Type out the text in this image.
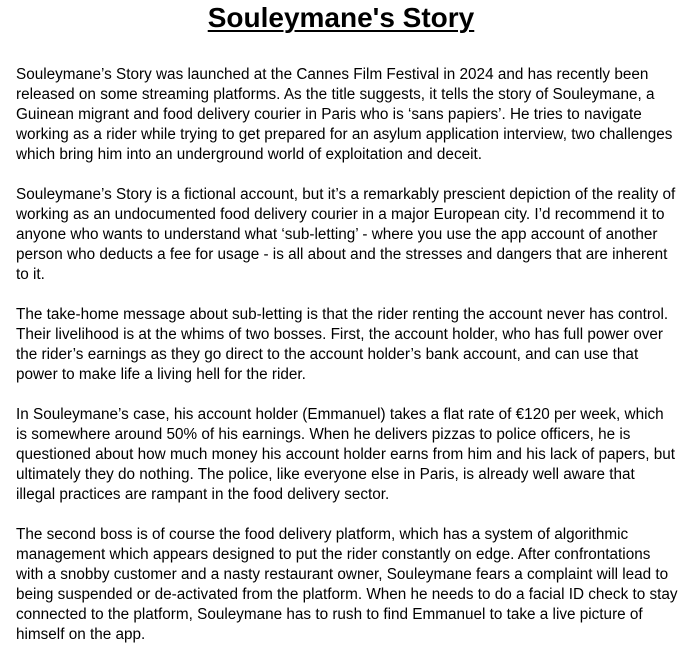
Souleymane's Story

Souleymane’s Story was launched at the Cannes Film Festival in 2024 and has recently been released on some streaming platforms. As the title suggests, it tells the story of Souleymane, a Guinean migrant and food delivery courier in Paris who is ‘sans papiers’. He tries to navigate working as a rider while trying to get prepared for an asylum application interview, two challenges which bring him into an underground world of exploitation and deceit.

Souleymane’s Story is a fictional account, but it’s a remarkably prescient depiction of the reality of working as an undocumented food delivery courier in a major European city. I’d recommend it to anyone who wants to understand what ‘sub-letting’ - where you use the app account of another person who deducts a fee for usage - is all about and the stresses and dangers that are inherent to it.

The take-home message about sub-letting is that the rider renting the account never has control. Their livelihood is at the whims of two bosses. First, the account holder, who has full power over the rider’s earnings as they go direct to the account holder’s bank account, and can use that power to make life a living hell for the rider.

In Souleymane’s case, his account holder (Emmanuel) takes a flat rate of €120 per week, which is somewhere around 50% of his earnings. When he delivers pizzas to police officers, he is questioned about how much money his account holder earns from him and his lack of papers, but ultimately they do nothing. The police, like everyone else in Paris, is already well aware that illegal practices are rampant in the food delivery sector.

The second boss is of course the food delivery platform, which has a system of algorithmic management which appears designed to put the rider constantly on edge. After confrontations with a snobby customer and a nasty restaurant owner, Souleymane fears a complaint will lead to being suspended or de-activated from the platform. When he needs to do a facial ID check to stay connected to the platform, Souleymane has to rush to find Emmanuel to take a live picture of himself on the app.
